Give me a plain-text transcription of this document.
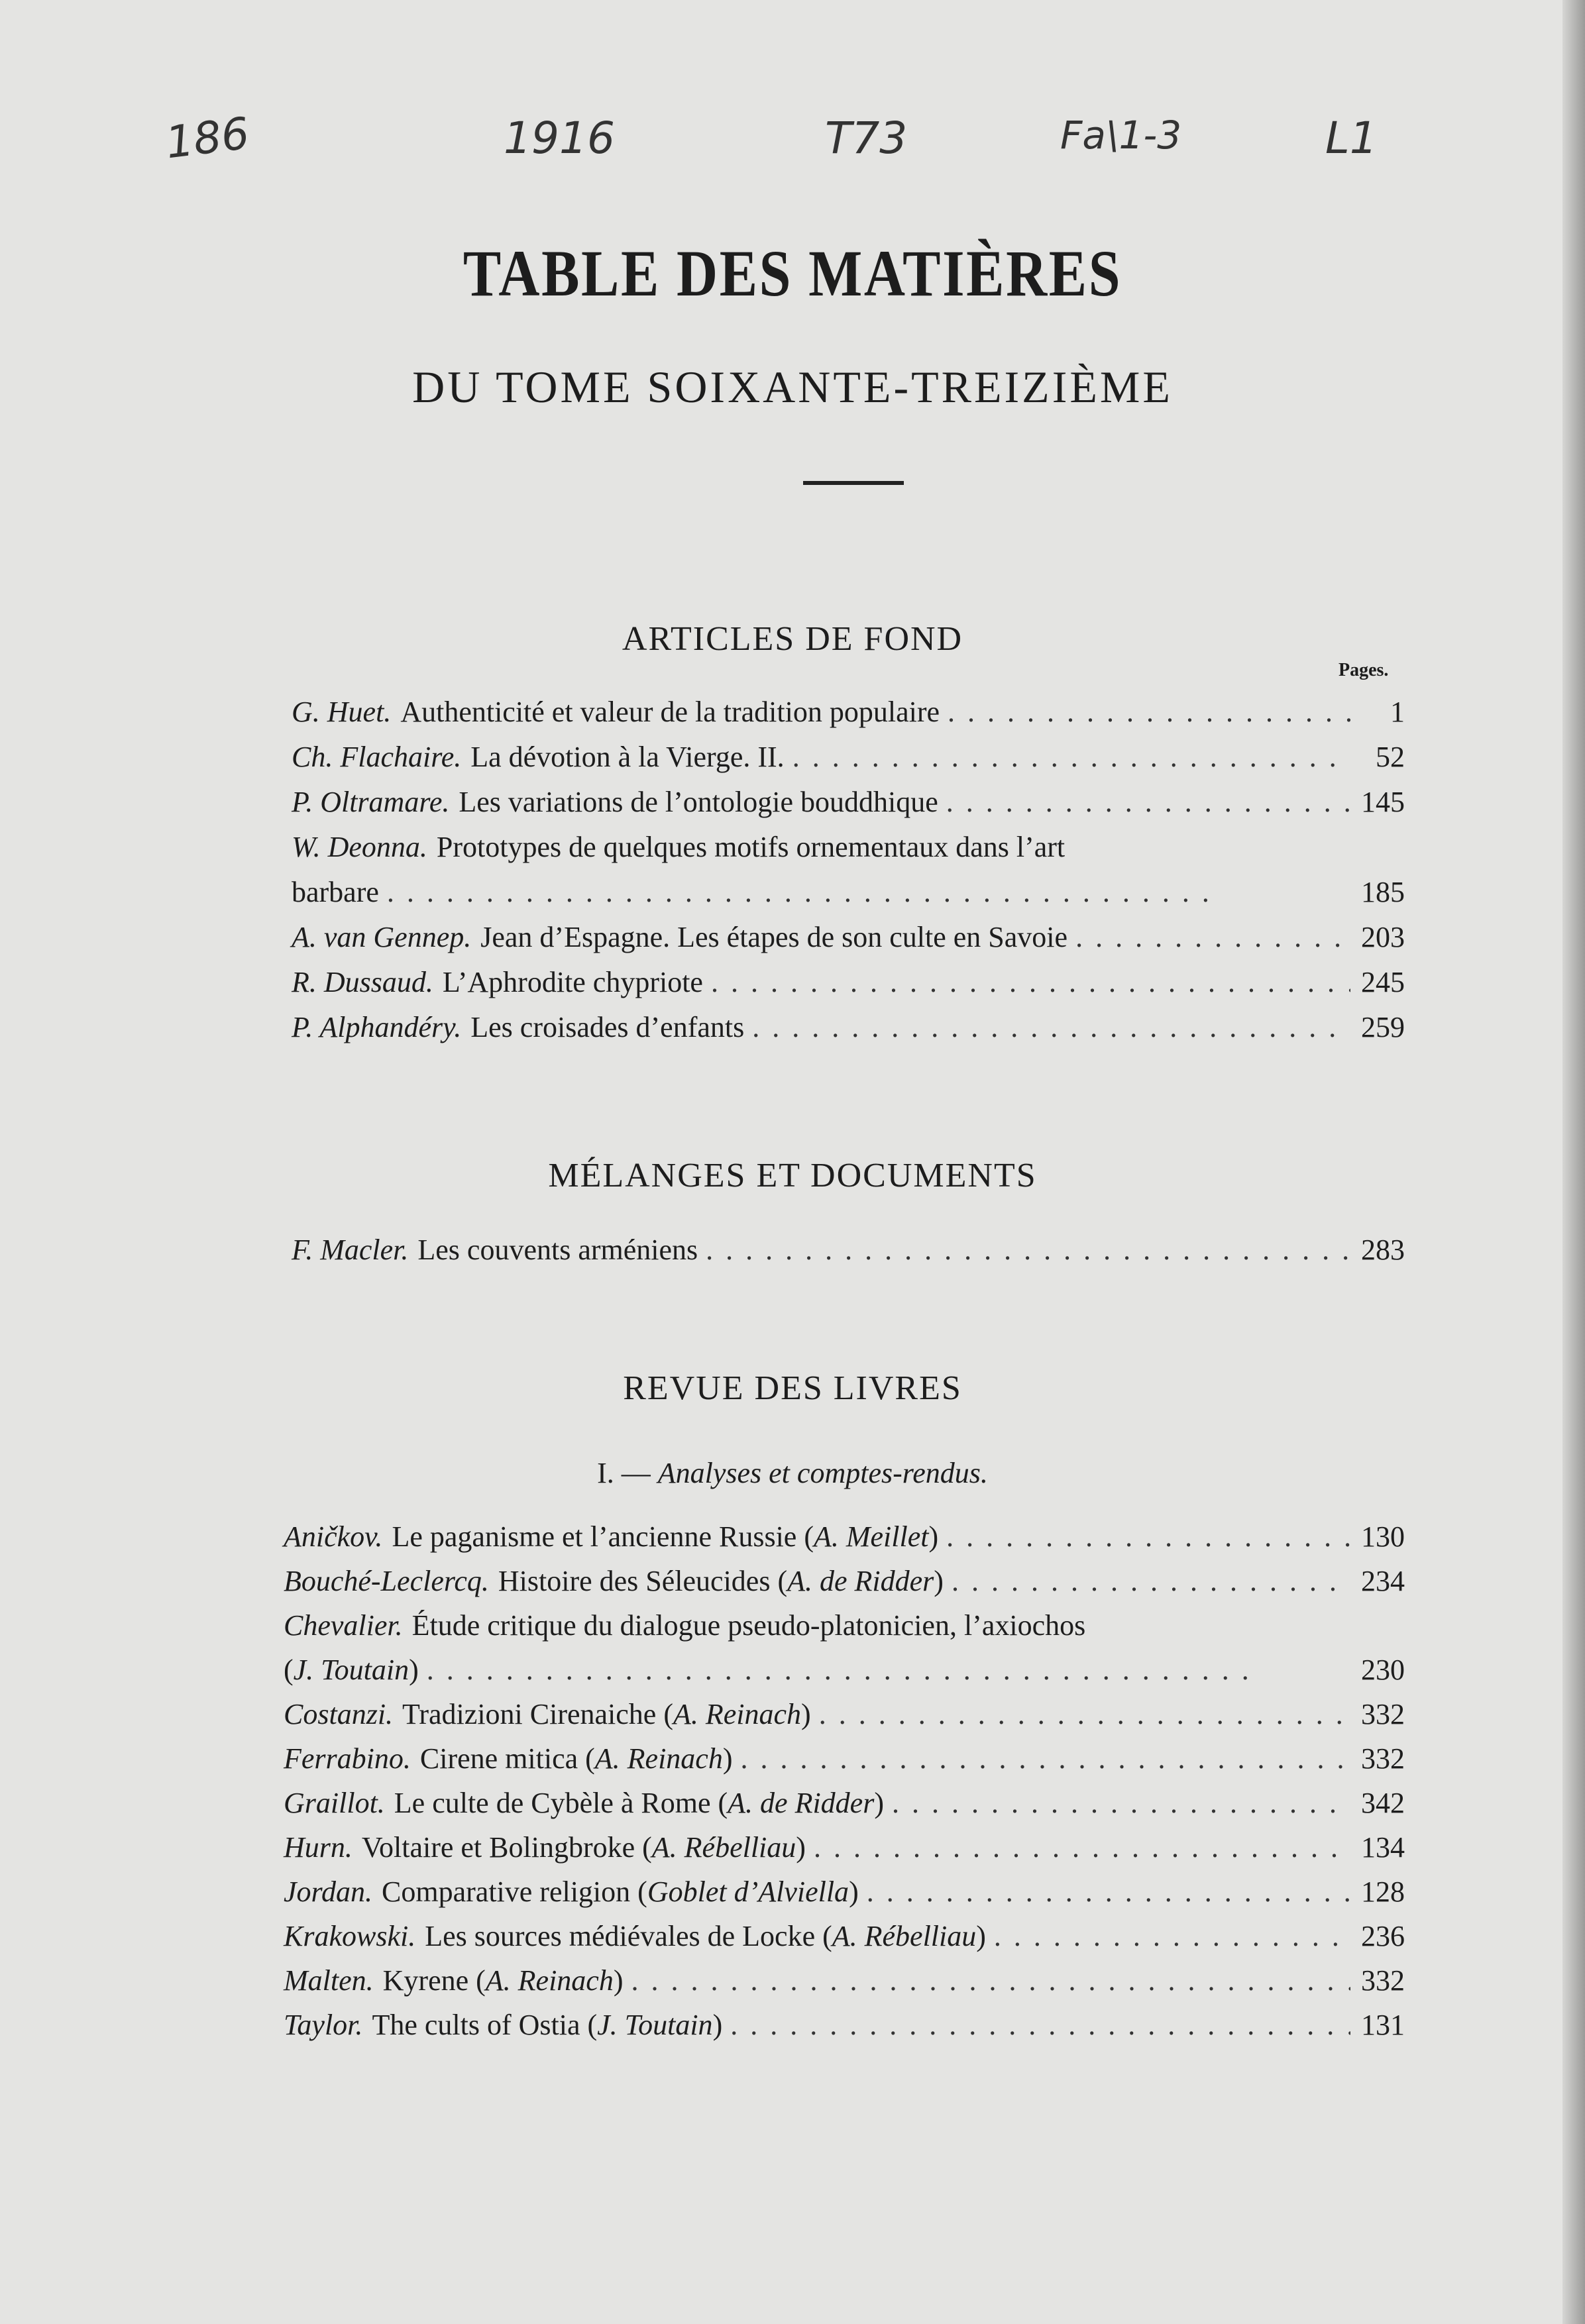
186	1916	T73	Fa\1-3	L1
TABLE DES MATIÈRES
DU TOME SOIXANTE-TREIZIÈME
ARTICLES DE FOND
Pages.
G. Huet. Authenticité et valeur de la tradition populaire . . .	1
Ch. Flachaire. La dévotion à la Vierge. II. . . .	52
P. Oltramare. Les variations de l’ontologie bouddhique . . .	145
W. Deonna. Prototypes de quelques motifs ornementaux dans l’art
barbare . . .	185
A. van Gennep. Jean d’Espagne. Les étapes de son culte en Savoie . . .	203
R. Dussaud. L’Aphrodite chypriote . . .	245
P. Alphandéry. Les croisades d’enfants . . .	259
MÉLANGES ET DOCUMENTS
F. Macler. Les couvents arméniens . . .	283
REVUE DES LIVRES
I. — Analyses et comptes-rendus.
Aničkov. Le paganisme et l’ancienne Russie ( A. Meillet ) . . .	130
Bouché-Leclercq. Histoire des Séleucides ( A. de Ridder ) . . .	234
Chevalier. Étude critique du dialogue pseudo-platonicien, l’axiochos
( J. Toutain ) . . .	230
Costanzi. Tradizioni Cirenaiche ( A. Reinach ) . . .	332
Ferrabino. Cirene mitica ( A. Reinach ) . . .	332
Graillot. Le culte de Cybèle à Rome ( A. de Ridder ) . . .	342
Hurn. Voltaire et Bolingbroke ( A. Rébelliau ) . . .	134
Jordan. Comparative religion ( Goblet d’Alviella ) . . .	128
Krakowski. Les sources médiévales de Locke ( A. Rébelliau ) . . .	236
Malten. Kyrene ( A. Reinach ) . . .	332
Taylor. The cults of Ostia ( J. Toutain ) . . .	131
